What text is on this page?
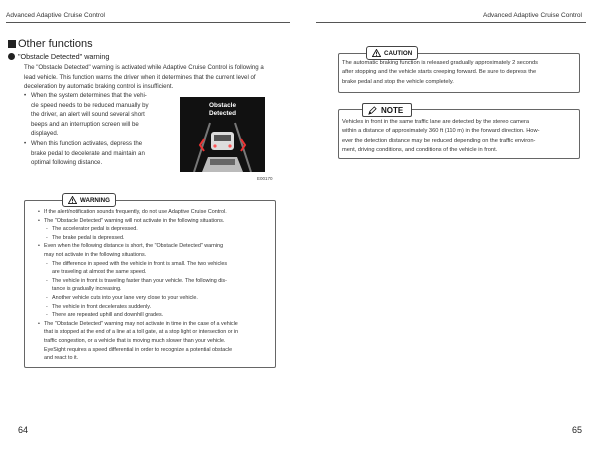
Advanced Adaptive Cruise Control	Advanced Adaptive Cruise Control
Other functions
"Obstacle Detected" warning
The "Obstacle Detected" warning is activated while Adaptive Cruise Control is following a
lead vehicle. This function warns the driver when it determines that the current level of
deceleration by automatic braking control is insufficient.
• When the system determines that the vehi-
cle speed needs to be reduced manually by
the driver, an alert will sound several short
beeps and an interruption screen will be
displayed.
• When this function activates, depress the
brake pedal to decelerate and maintain an
optimal following distance.
Obstacle
Detected
E00170
WARNING
• If the alert/notification sounds frequently, do not use Adaptive Cruise Control.
• The "Obstacle Detected" warning will not activate in the following situations.
- The accelerator pedal is depressed.
- The brake pedal is depressed.
• Even when the following distance is short, the "Obstacle Detected" warning
may not activate in the following situations.
- The difference in speed with the vehicle in front is small. The two vehicles
are traveling at almost the same speed.
- The vehicle in front is traveling faster than your vehicle. The following dis-
tance is gradually increasing.
- Another vehicle cuts into your lane very close to your vehicle.
- The vehicle in front decelerates suddenly.
- There are repeated uphill and downhill grades.
• The "Obstacle Detected" warning may not activate in time in the case of a vehicle
that is stopped at the end of a line at a toll gate, at a stop light or intersection or in
traffic congestion, or a vehicle that is moving much slower than your vehicle.
EyeSight requires a speed differential in order to recognize a potential obstacle
and react to it.
CAUTION
The automatic braking function is released gradually approximately 2 seconds
after stopping and the vehicle starts creeping forward. Be sure to depress the
brake pedal and stop the vehicle completely.
NOTE
Vehicles in front in the same traffic lane are detected by the stereo camera
within a distance of approximately 360 ft (110 m) in the forward direction. How-
ever the detection distance may be reduced depending on the traffic environ-
ment, driving conditions, and conditions of the vehicle in front.
64	65
